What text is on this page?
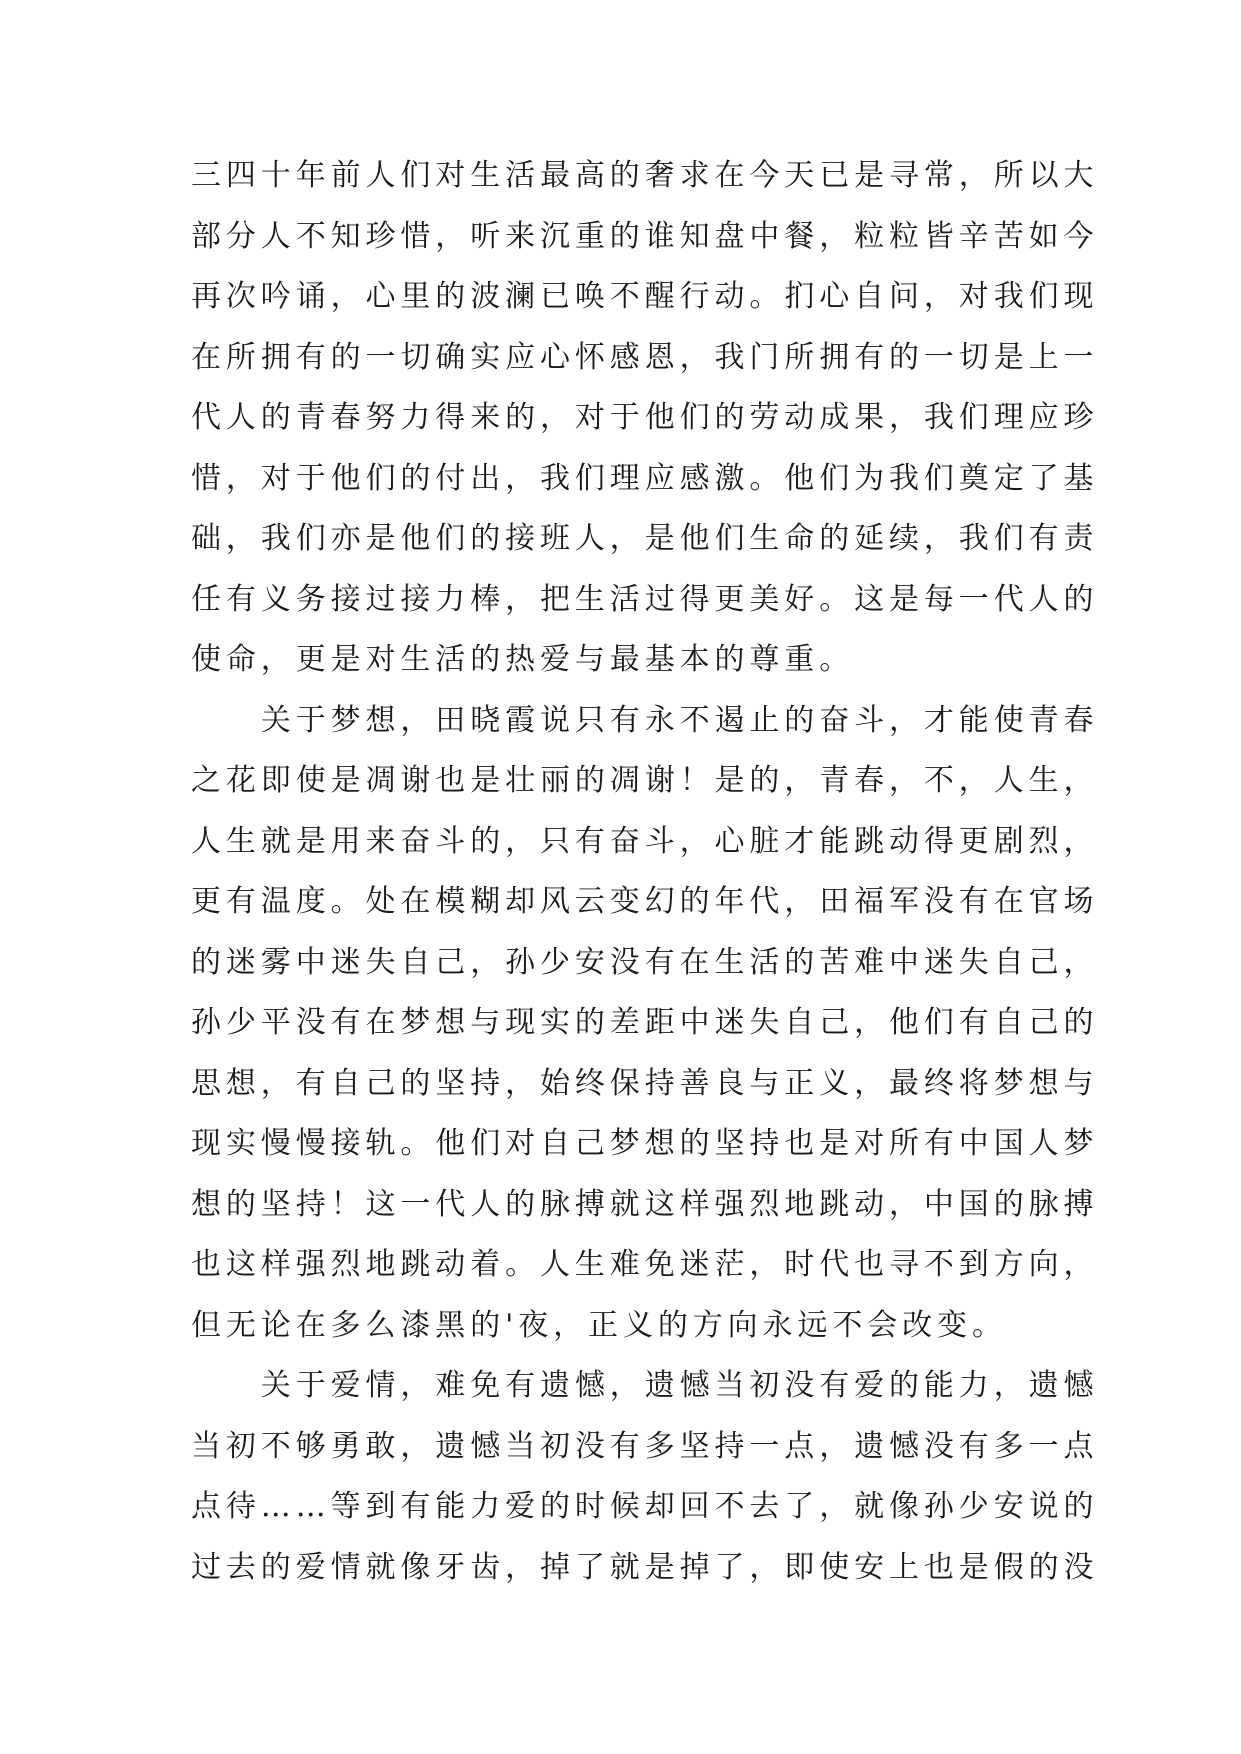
三四十年前人们对生活最高的奢求在今天已是寻常，所以大
部分人不知珍惜，听来沉重的谁知盘中餐，粒粒皆辛苦如今
再次吟诵，心里的波澜已唤不醒行动。扪心自问，对我们现
在所拥有的一切确实应心怀感恩，我门所拥有的一切是上一
代人的青春努力得来的，对于他们的劳动成果，我们理应珍
惜，对于他们的付出，我们理应感激。他们为我们奠定了基
础，我们亦是他们的接班人，是他们生命的延续，我们有责
任有义务接过接力棒，把生活过得更美好。这是每一代人的
使命，更是对生活的热爱与最基本的尊重。
　　关于梦想，田晓霞说只有永不遏止的奋斗，才能使青春
之花即使是凋谢也是壮丽的凋谢！是的，青春，不，人生，
人生就是用来奋斗的，只有奋斗，心脏才能跳动得更剧烈，
更有温度。处在模糊却风云变幻的年代，田福军没有在官场
的迷雾中迷失自己，孙少安没有在生活的苦难中迷失自己，
孙少平没有在梦想与现实的差距中迷失自己，他们有自己的
思想，有自己的坚持，始终保持善良与正义，最终将梦想与
现实慢慢接轨。他们对自己梦想的坚持也是对所有中国人梦
想的坚持！这一代人的脉搏就这样强烈地跳动，中国的脉搏
也这样强烈地跳动着。人生难免迷茫，时代也寻不到方向，
但无论在多么漆黑的'夜，正义的方向永远不会改变。
　　关于爱情，难免有遗憾，遗憾当初没有爱的能力，遗憾
当初不够勇敢，遗憾当初没有多坚持一点，遗憾没有多一点
点待……等到有能力爱的时候却回不去了，就像孙少安说的
过去的爱情就像牙齿，掉了就是掉了，即使安上也是假的没
